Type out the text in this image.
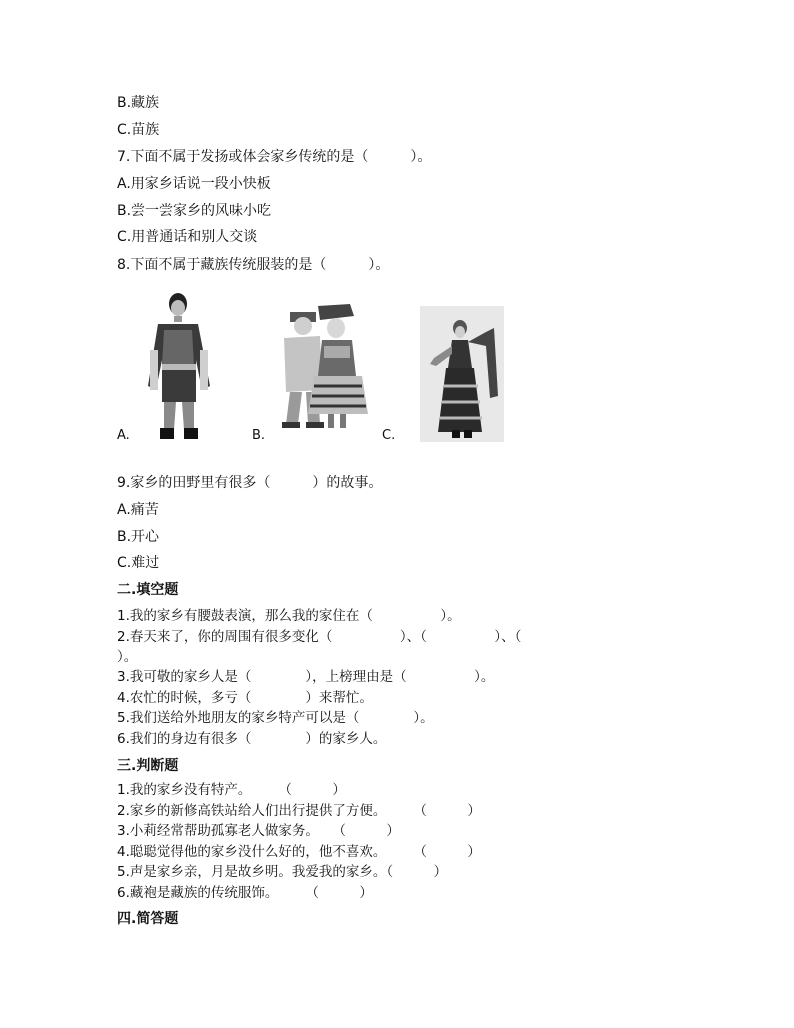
B.藏族
C.苗族
7.下面不属于发扬或体会家乡传统的是（　　　）。
A.用家乡话说一段小快板
B.尝一尝家乡的风味小吃
C.用普通话和别人交谈
8.下面不属于藏族传统服装的是（　　　）。
A.	B.	C.
9.家乡的田野里有很多（　　　）的故事。
A.痛苦
B.开心
C.难过
二.填空题
1.我的家乡有腰鼓表演，那么我的家住在（　　　　　）。
2.春天来了，你的周围有很多变化（　　　　　）、（　　　　　）、（
）。
3.我可敬的家乡人是（　　　　），上榜理由是（　　　　　）。
4.农忙的时候，多亏（　　　　）来帮忙。
5.我们送给外地朋友的家乡特产可以是（　　　　）。
6.我们的身边有很多（　　　　）的家乡人。
三.判断题
1.我的家乡没有特产。　　　（　　　）
2.家乡的新修高铁站给人们出行提供了方便。　　　（　　　）
3.小莉经常帮助孤寡老人做家务。　　（　　　）
4.聪聪觉得他的家乡没什么好的，他不喜欢。　　　（　　　）
5.声是家乡亲，月是故乡明。我爱我的家乡。（　　　）
6.藏袍是藏族的传统服饰。　　　（　　　）
四.简答题
